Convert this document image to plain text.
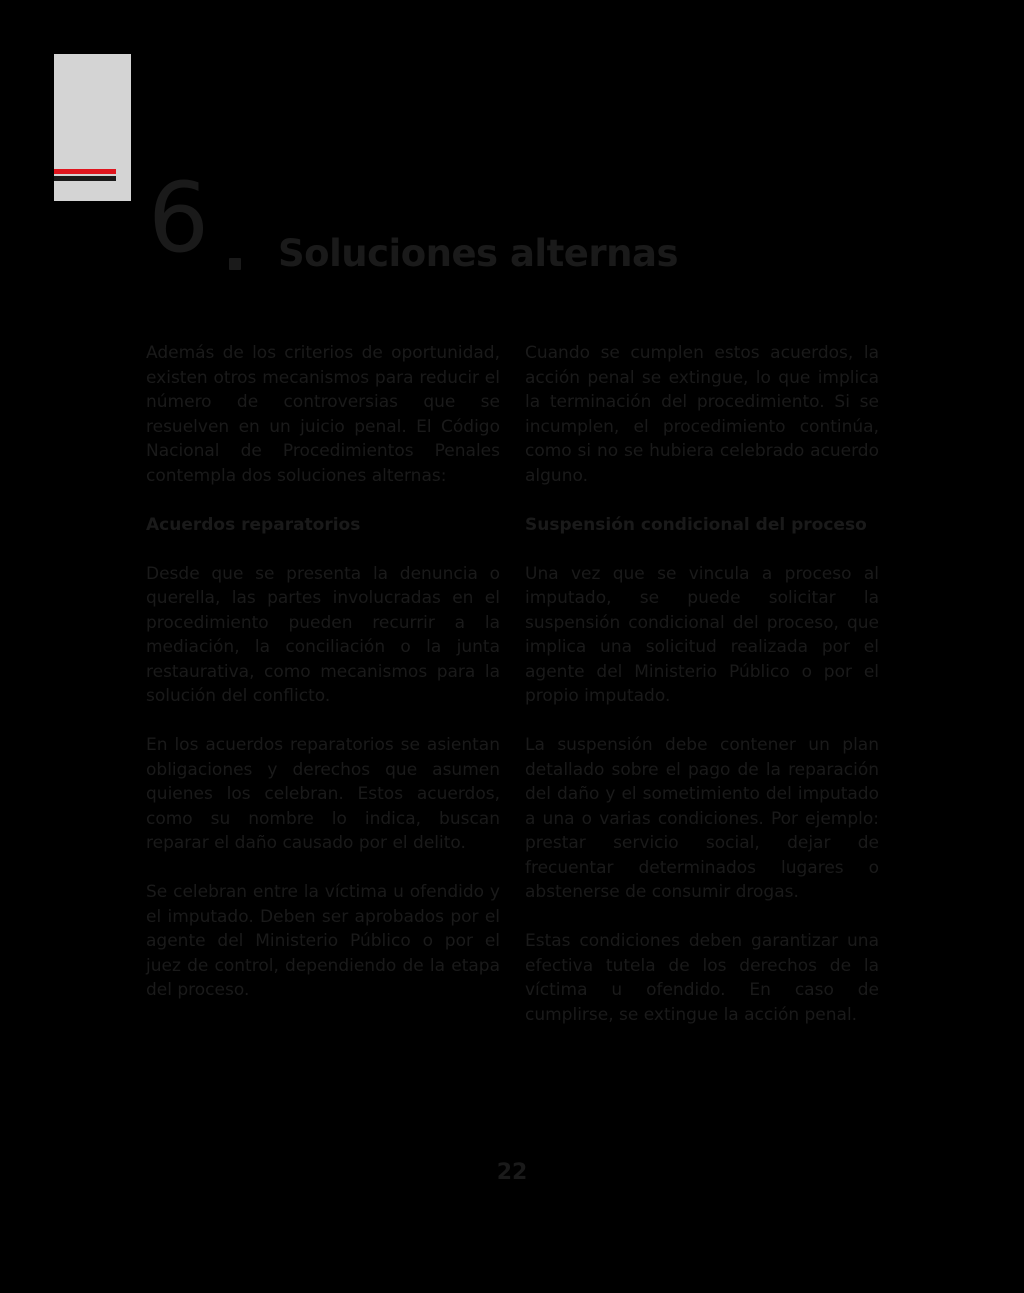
6 Soluciones alternas

Además de los criterios de oportunidad, existen otros mecanismos para reducir el número de controversias que se resuelven en un juicio penal. El Código Nacional de Procedimientos Penales contempla dos soluciones alternas:

Acuerdos reparatorios

Desde que se presenta la denuncia o querella, las partes involucradas en el procedimiento pueden recurrir a la mediación, la conciliación o la junta restaurativa, como mecanismos para la solución del conflicto.

En los acuerdos reparatorios se asientan obligaciones y derechos que asumen quienes los celebran. Estos acuerdos, como su nombre lo indica, buscan reparar el daño causado por el delito.

Se celebran entre la víctima u ofendido y el imputado. Deben ser aprobados por el agente del Ministerio Público o por el juez de control, dependiendo de la etapa del proceso.

Cuando se cumplen estos acuerdos, la acción penal se extingue, lo que implica la terminación del procedimiento. Si se incumplen, el procedimiento continúa, como si no se hubiera celebrado acuerdo alguno.

Suspensión condicional del proceso

Una vez que se vincula a proceso al imputado, se puede solicitar la suspensión condicional del proceso, que implica una solicitud realizada por el agente del Ministerio Público o por el propio imputado.

La suspensión debe contener un plan detallado sobre el pago de la reparación del daño y el sometimiento del imputado a una o varias condiciones. Por ejemplo: prestar servicio social, dejar de frecuentar determinados lugares o abstenerse de consumir drogas.

Estas condiciones deben garantizar una efectiva tutela de los derechos de la víctima u ofendido. En caso de cumplirse, se extingue la acción penal.

22
